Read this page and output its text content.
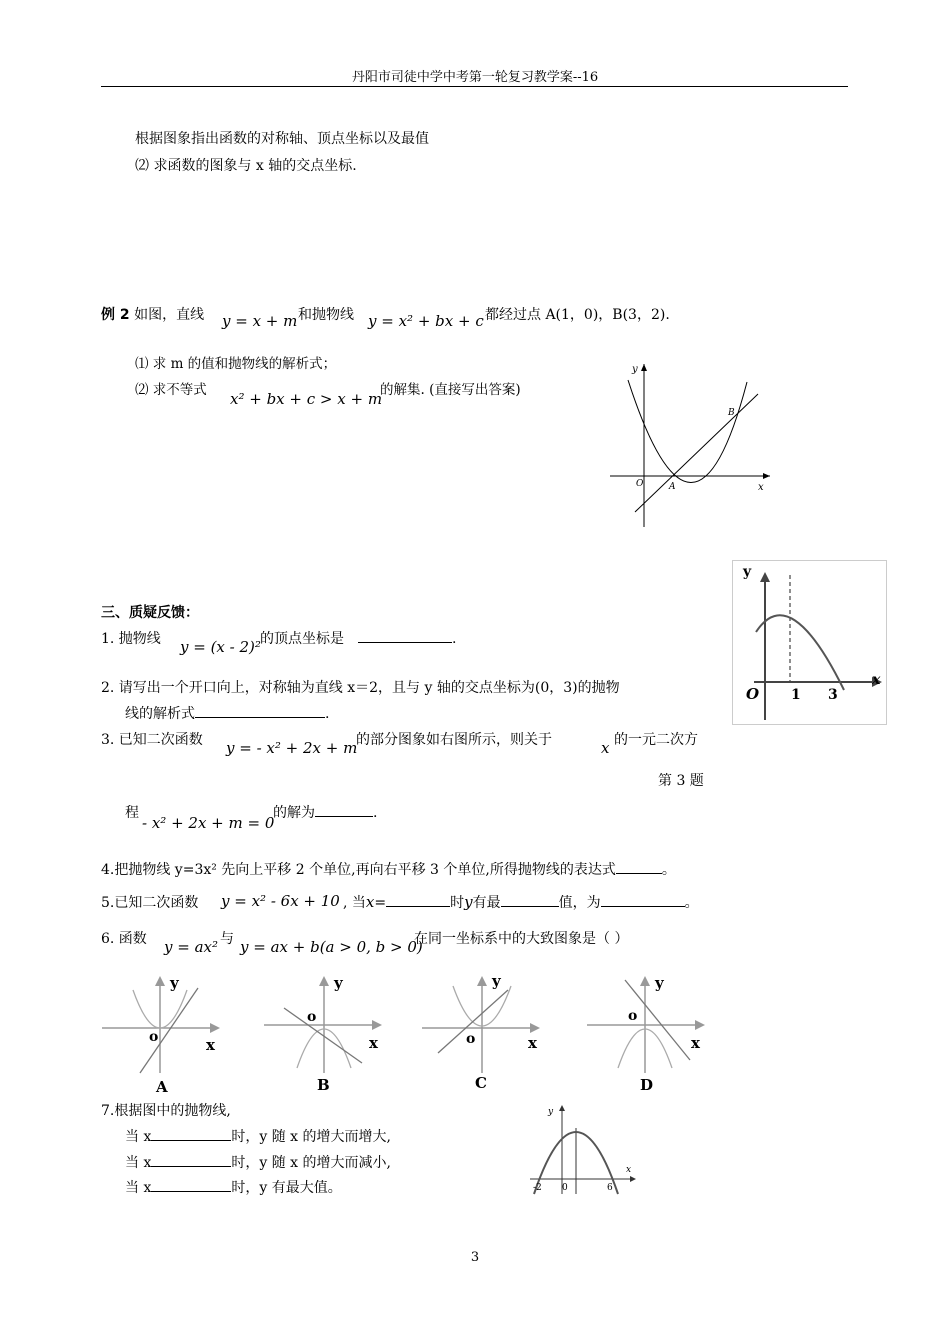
丹阳市司徒中学中考第一轮复习教学案--16
根据图象指出函数的对称轴、顶点坐标以及最值
⑵ 求函数的图象与 x 轴的交点坐标.
例 2 如图，直线 y = x + m 和抛物线 y = x² + bx + c 都经过点 A(1，0)，B(3，2).
⑴ 求 m 的值和抛物线的解析式；
⑵ 求不等式 x² + bx + c > x + m
的解集. (直接写出答案)
y
x
O	A
B
y
x
O 1 3
三、质疑反馈：
1. 抛物线 y = (x - 2)² 的顶点坐标是	.
2. 请写出一个开口向上，对称轴为直线 x＝2，且与 y 轴的交点坐标为(0，3)的抛物
线的解析式	.
3. 已知二次函数 y = - x² + 2x + m
的部分图象如右图所示，则关于	x 的一元二次方
第 3 题
程
- x² + 2x + m = 0
的解为	.
4.把抛物线 y=3x² 先向上平移 2 个单位,再向右平移 3 个单位,所得抛物线的表达式	。
5.已知二次函数 y = x² - 6x + 10 , 当x=	时y有最	值，为	。
6. 函数 y = ax² 与 y = ax + b(a > 0, b > 0)
在同一坐标系中的大致图象是（ ）
y
x
o
A
y
x
o
B
y
x
o
C
y
x
o
D
7.根据图中的抛物线,
当 x	时，y 随 x 的增大而增大,
当 x	时，y 随 x 的增大而减小,
当 x	时，y 有最大值。
y
x
-2 0	6
3
